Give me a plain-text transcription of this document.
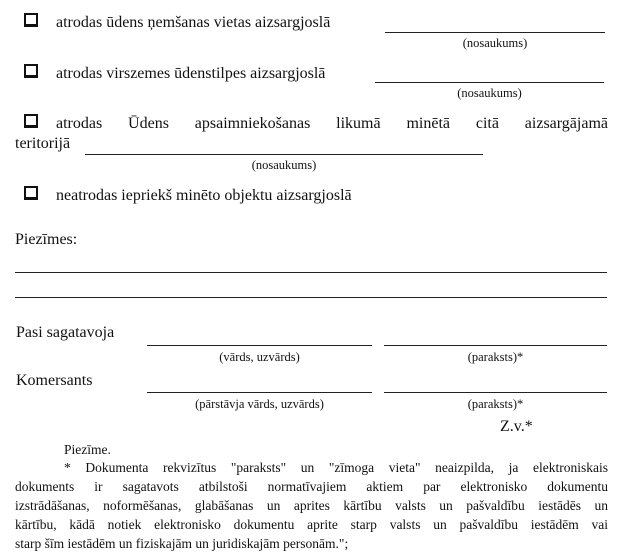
atrodas ūdens ņemšanas vietas aizsargjoslā
(nosaukums)
atrodas virszemes ūdenstilpes aizsargjoslā
(nosaukums)
atrodas Ūdens apsaimniekošanas likumā minētā citā aizsargājamā
teritorijā
(nosaukums)
neatrodas iepriekš minēto objektu aizsargjoslā
Piezīmes:
Pasi sagatavoja
(vārds, uzvārds)	(paraksts)*
Komersants
(pārstāvja vārds, uzvārds)	(paraksts)*
Z.v.*
Piezīme.
* Dokumenta rekvizītus "paraksts" un "zīmoga vieta" neaizpilda, ja elektroniskais
dokuments ir sagatavots atbilstoši normatīvajiem aktiem par elektronisko dokumentu
izstrādāšanas, noformēšanas, glabāšanas un aprites kārtību valsts un pašvaldību iestādēs un
kārtību, kādā notiek elektronisko dokumentu aprite starp valsts un pašvaldību iestādēm vai
starp šīm iestādēm un fiziskajām un juridiskajām personām.";
